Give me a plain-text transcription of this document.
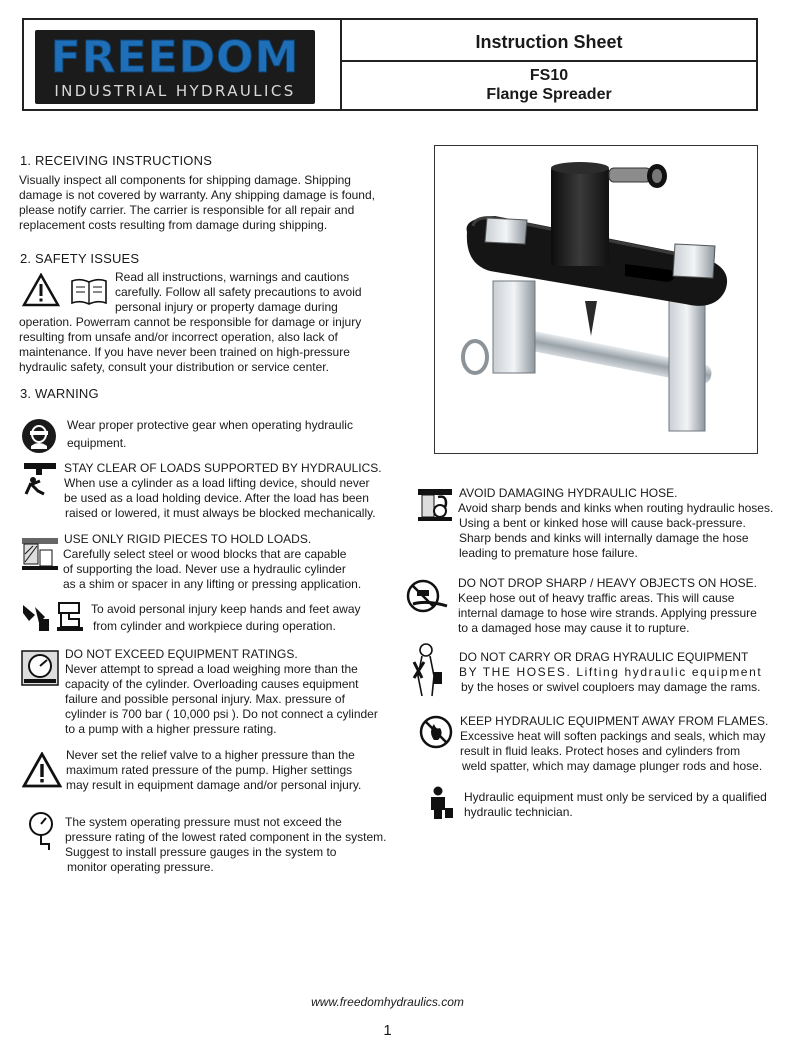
FREEDOM
INDUSTRIAL HYDRAULICS
Instruction Sheet
FS10
Flange Spreader
1. RECEIVING INSTRUCTIONS
Visually inspect all components for shipping damage. Shipping
damage is not covered by warranty. Any shipping damage is found,
please notify carrier. The carrier is responsible for all repair and
replacement costs resulting from damage during shipping.
2. SAFETY ISSUES
Read all instructions, warnings and cautions
carefully. Follow all safety precautions to avoid
personal injury or property damage during
operation. Powerram cannot be responsible for damage or injury
resulting from unsafe and/or incorrect operation, also lack of
maintenance. If you have never been trained on high-pressure
hydraulic safety, consult your distribution or service center.
3. WARNING
Wear proper protective gear when operating hydraulic
equipment.
STAY CLEAR OF LOADS SUPPORTED BY HYDRAULICS.
When use a cylinder as a load lifting device, should never
be used as a load holding device. After the load has been
raised or lowered, it must always be blocked mechanically.
USE ONLY RIGID PIECES TO HOLD LOADS.
Carefully select steel or wood blocks that are capable
of supporting the load. Never use a hydraulic cylinder
as a shim or spacer in any lifting or pressing application.
To avoid personal injury keep hands and feet away
from cylinder and workpiece during operation.
DO NOT EXCEED EQUIPMENT RATINGS.
Never attempt to spread a load weighing more than the
capacity of the cylinder. Overloading causes equipment
failure and possible personal injury. Max. pressure of
cylinder is 700 bar ( 10,000 psi ). Do not connect a cylinder
to a pump with a higher pressure rating.
Never set the relief valve to a higher pressure than the
maximum rated pressure of the pump. Higher settings
may result in equipment damage and/or personal injury.
The system operating pressure must not exceed the
pressure rating of the lowest rated component in the system.
Suggest to install pressure gauges in the system to
monitor operating pressure.
AVOID DAMAGING HYDRAULIC HOSE.
Avoid sharp bends and kinks when routing hydraulic hoses.
Using a bent or kinked hose will cause back-pressure.
Sharp bends and kinks will internally damage the hose
leading to premature hose failure.
DO NOT DROP SHARP / HEAVY OBJECTS ON HOSE.
Keep hose out of heavy traffic areas. This will cause
internal damage to hose wire strands. Applying pressure
to a damaged hose may cause it to rupture.
DO NOT CARRY OR DRAG HYRAULIC EQUIPMENT
BY THE HOSES. Lifting hydraulic equipment
by the hoses or swivel couploers may damage the rams.
KEEP HYDRAULIC EQUIPMENT AWAY FROM FLAMES.
Excessive heat will soften packings and seals, which may
result in fluid leaks. Protect hoses and cylinders from
weld spatter, which may damage plunger rods and hose.
Hydraulic equipment must only be serviced by a qualified
hydraulic technician.
www.freedomhydraulics.com
1
